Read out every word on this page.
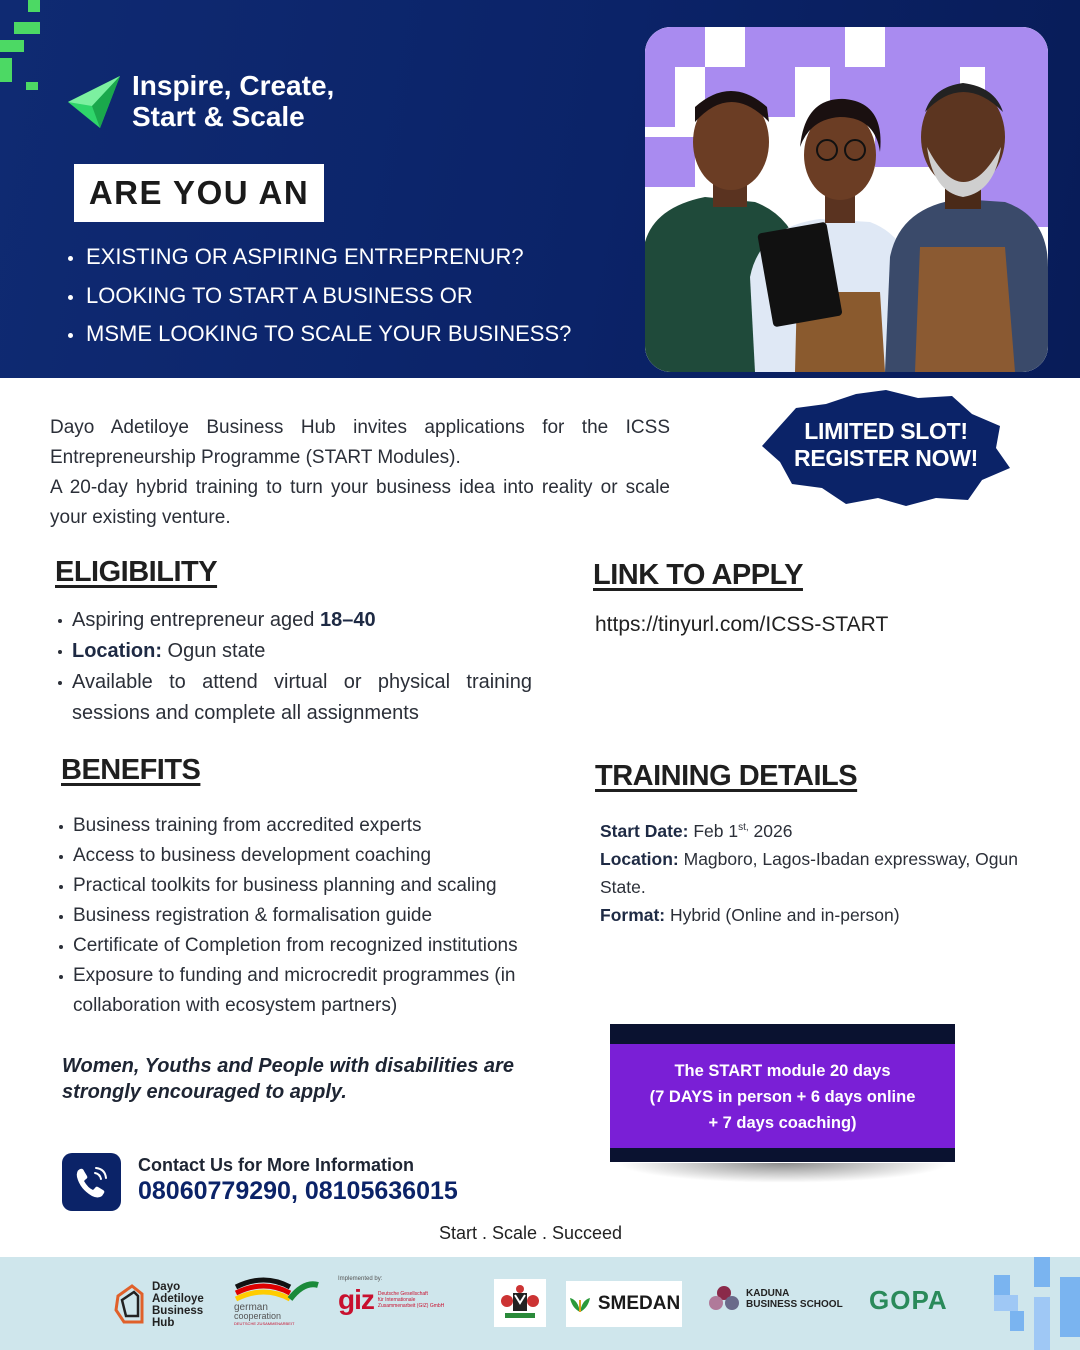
Inspire, Create,
Start & Scale
ARE YOU AN
EXISTING OR ASPIRING ENTREPRENUR?
LOOKING TO START A BUSINESS OR
MSME LOOKING TO SCALE YOUR BUSINESS?

Dayo Adetiloye Business Hub invites applications for the ICSS Entrepreneurship Programme (START Modules).

A 20-day hybrid training to turn your business idea into reality or scale your existing venture.

LIMITED SLOT!
REGISTER NOW!
ELIGIBILITY
Aspiring entrepreneur aged 18–40
Location: Ogun state
Available to attend virtual or physical training sessions and complete all assignments
LINK TO APPLY
https://tinyurl.com/ICSS-START
BENEFITS
Business training from accredited experts
Access to business development coaching
Practical toolkits for business planning and scaling
Business registration & formalisation guide
Certificate of Completion from recognized institutions
Exposure to funding and microcredit programmes (in collaboration with ecosystem partners)
TRAINING DETAILS
Start Date: Feb $1^{st,}$ 2026
Location: Magboro, Lagos-Ibadan expressway, Ogun State.
Format: Hybrid (Online and in-person)
Women, Youths and People with disabilities are strongly encouraged to apply.
The START module 20 days
(7 DAYS in person + 6 days online
+ 7 days coaching)
Contact Us for More Information
08060779290, 08105636015
Start . Scale . Succeed
Dayo
Adetiloye
Business
Hub
german
cooperation
DEUTSCHE ZUSAMMENARBEIT
Implemented by:
giz Deutsche Gesellschaft
für Internationale
Zusammenarbeit (GIZ) GmbH	SMEDAN	KADUNA
BUSINESS SCHOOL GOPA
